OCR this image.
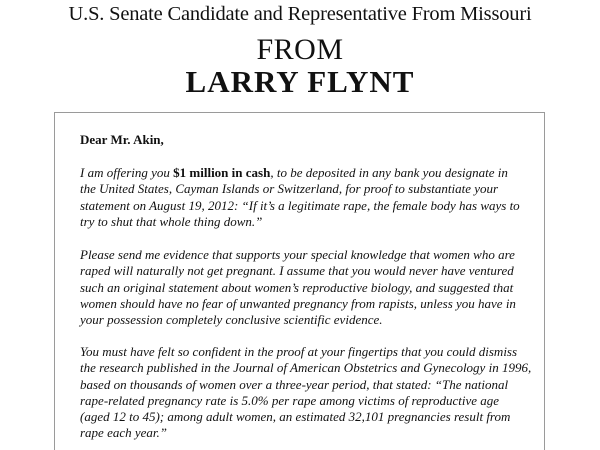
U.S. Senate Candidate and Representative From Missouri
FROM
LARRY FLYNT
Dear Mr. Akin,
I am offering you $1 million in cash, to be deposited in any bank you designate in
the United States, Cayman Islands or Switzerland, for proof to substantiate your
statement on August 19, 2012: “If it’s a legitimate rape, the female body has ways to
try to shut that whole thing down.”
Please send me evidence that supports your special knowledge that women who are
raped will naturally not get pregnant. I assume that you would never have ventured
such an original statement about women’s reproductive biology, and suggested that
women should have no fear of unwanted pregnancy from rapists, unless you have in
your possession completely conclusive scientific evidence.
You must have felt so confident in the proof at your fingertips that you could dismiss
the research published in the Journal of American Obstetrics and Gynecology in 1996,
based on thousands of women over a three-year period, that stated: “The national
rape-related pregnancy rate is 5.0% per rape among victims of reproductive age
(aged 12 to 45); among adult women, an estimated 32,101 pregnancies result from
rape each year.”
